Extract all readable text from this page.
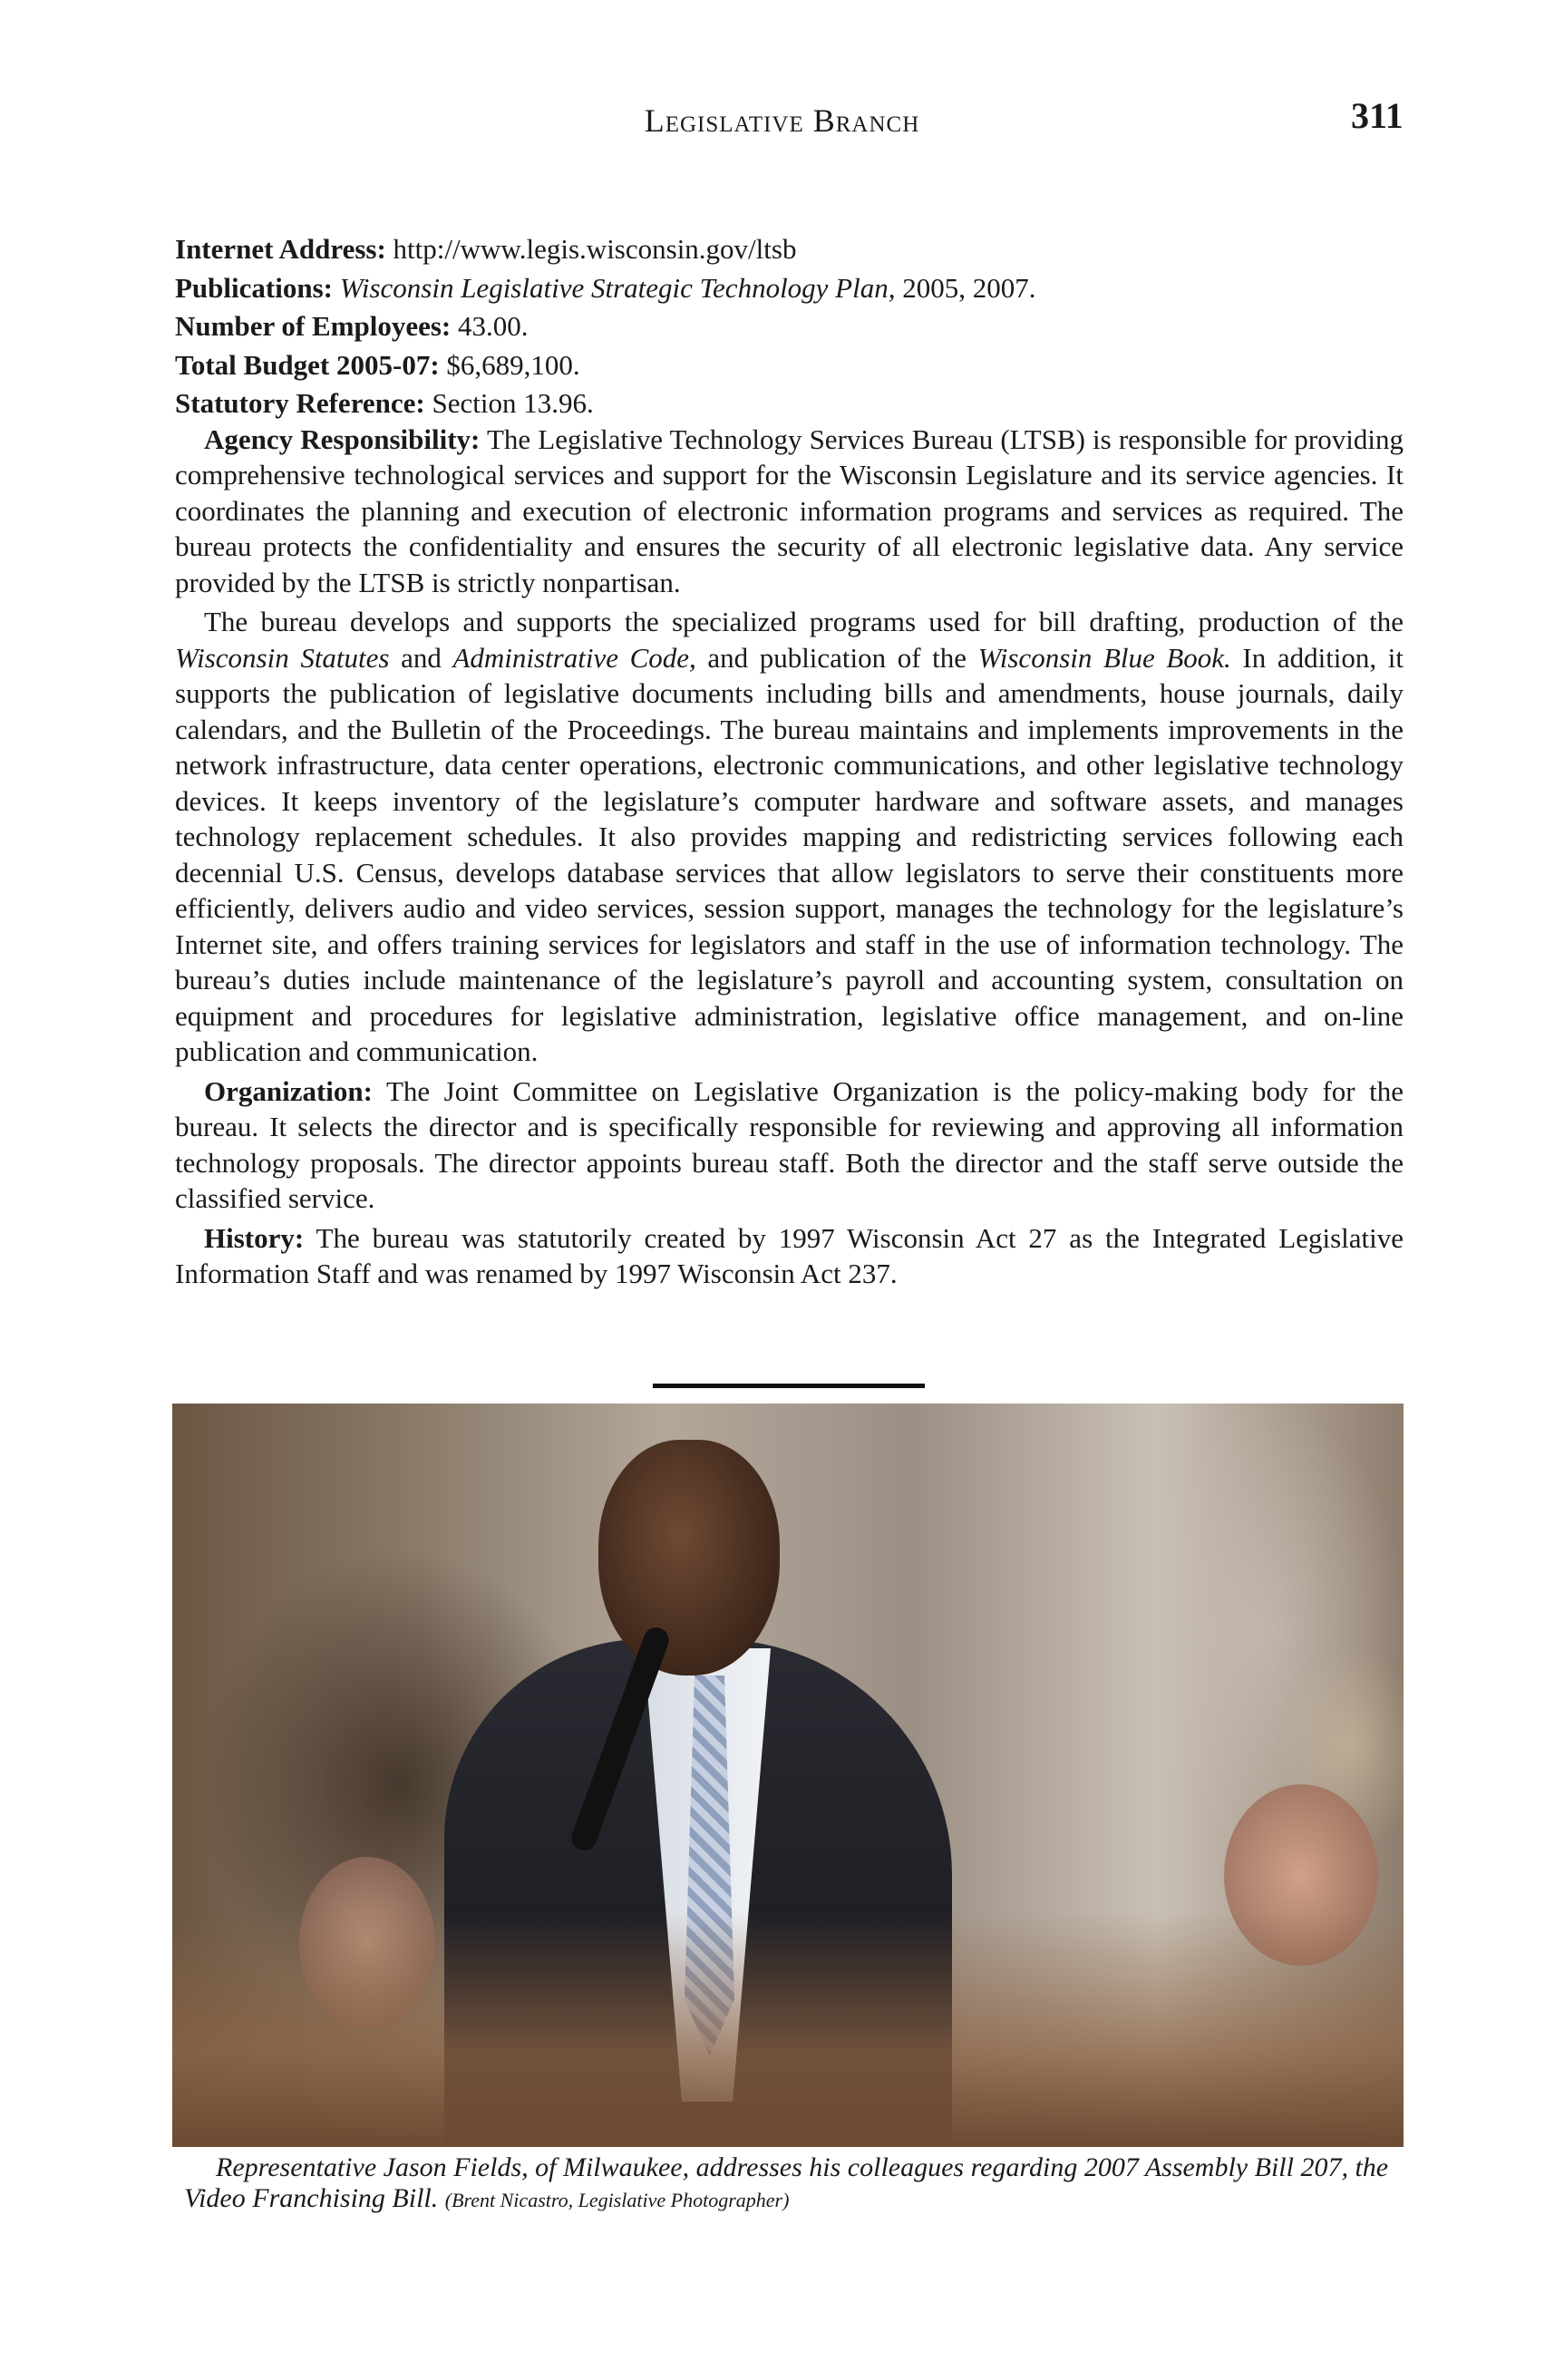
Legislative Branch	311

Internet Address: http://www.legis.wisconsin.gov/ltsb

Publications: Wisconsin Legislative Strategic Technology Plan, 2005, 2007.

Number of Employees: 43.00.

Total Budget 2005-07: $6,689,100.

Statutory Reference: Section 13.96.

Agency Responsibility: The Legislative Technology Services Bureau (LTSB) is responsible for providing comprehensive technological services and support for the Wisconsin Legislature and its service agencies. It coordinates the planning and execution of electronic information programs and services as required. The bureau protects the confidentiality and ensures the security of all electronic legislative data. Any service provided by the LTSB is strictly nonpartisan.

The bureau develops and supports the specialized programs used for bill drafting, production of the Wisconsin Statutes and Administrative Code, and publication of the Wisconsin Blue Book. In addition, it supports the publication of legislative documents including bills and amendments, house journals, daily calendars, and the Bulletin of the Proceedings. The bureau maintains and implements improvements in the network infrastructure, data center operations, electronic communications, and other legislative technology devices. It keeps inventory of the legislature’s computer hardware and software assets, and manages technology replacement schedules. It also provides mapping and redistricting services following each decennial U.S. Census, develops database services that allow legislators to serve their constituents more efficiently, delivers audio and video services, session support, manages the technology for the legislature’s Internet site, and offers training services for legislators and staff in the use of information technology. The bureau’s duties include maintenance of the legislature’s payroll and accounting system, consultation on equipment and procedures for legislative administration, legislative office management, and on-line publication and communication.

Organization: The Joint Committee on Legislative Organization is the policy-making body for the bureau. It selects the director and is specifically responsible for reviewing and approving all information technology proposals. The director appoints bureau staff. Both the director and the staff serve outside the classified service.

History: The bureau was statutorily created by 1997 Wisconsin Act 27 as the Integrated Legislative Information Staff and was renamed by 1997 Wisconsin Act 237.

Representative Jason Fields, of Milwaukee, addresses his colleagues regarding 2007 Assembly Bill 207, the Video Franchising Bill. (Brent Nicastro, Legislative Photographer)
